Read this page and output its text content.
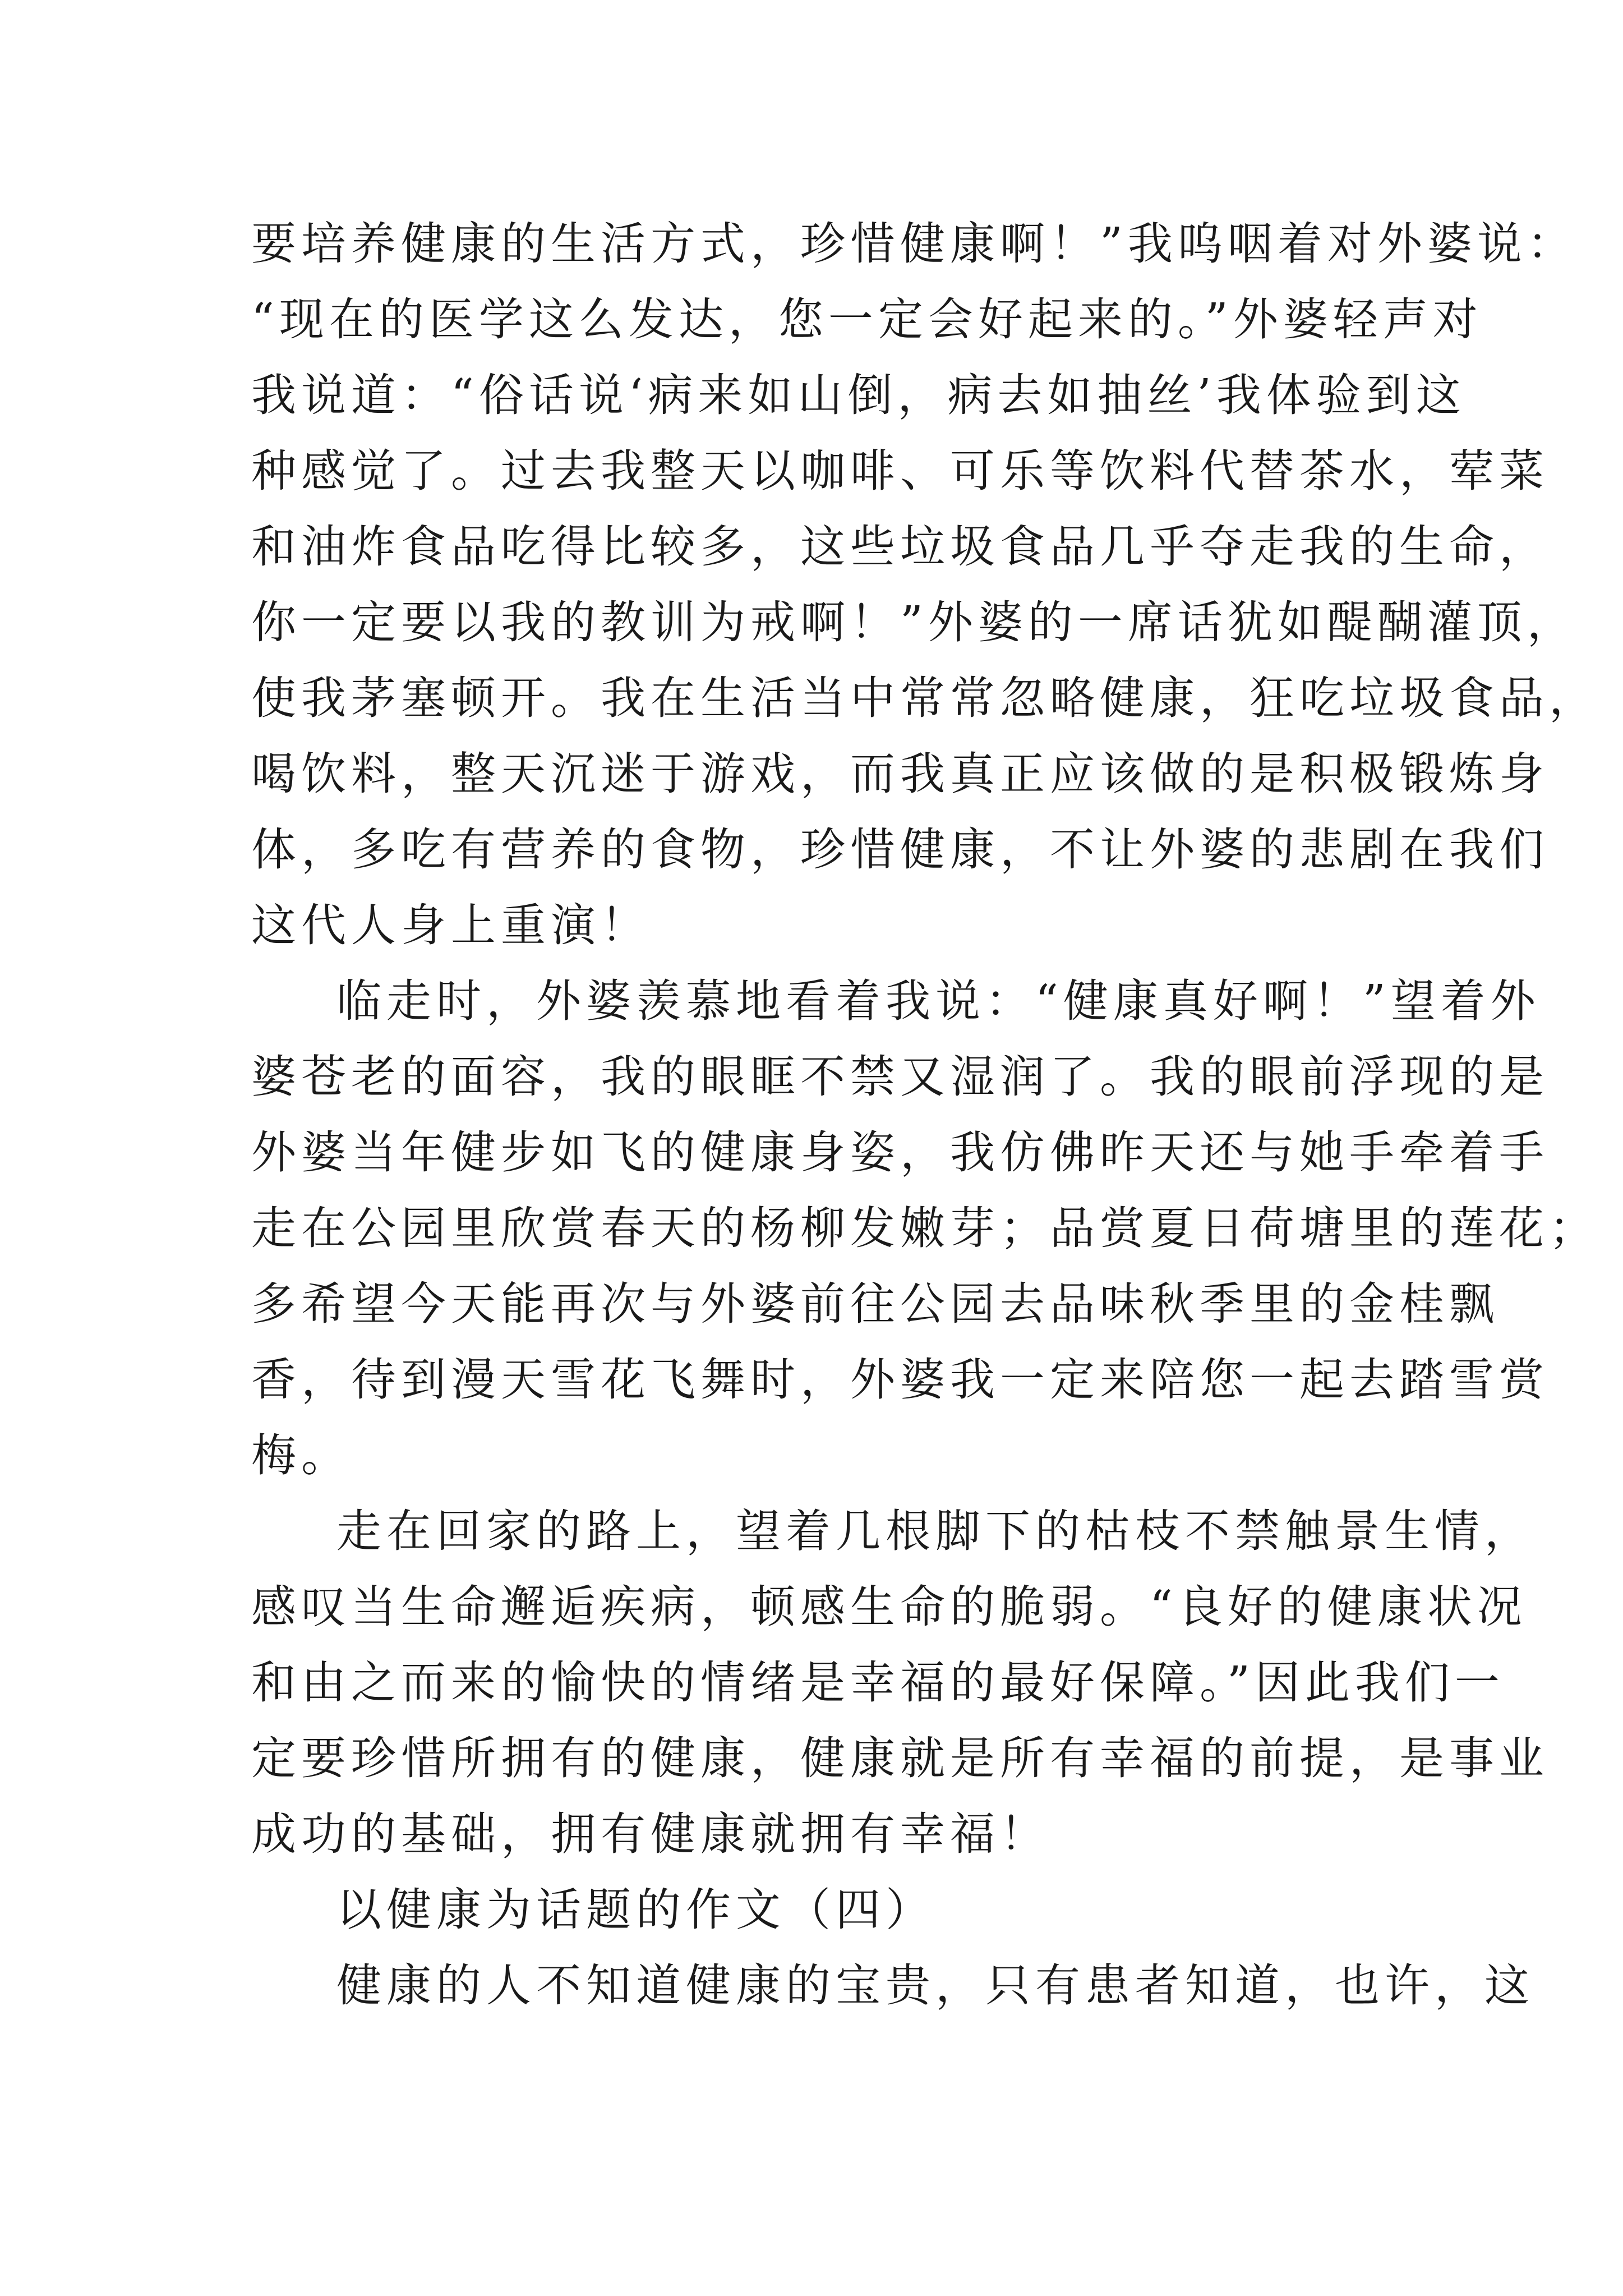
要培养健康的生活方式，珍惜健康啊！”我呜咽着对外婆说：
“现在的医学这么发达，您一定会好起来的。”外婆轻声对
我说道：“俗话说‘病来如山倒，病去如抽丝’我体验到这
种感觉了。过去我整天以咖啡、可乐等饮料代替茶水，荤菜
和油炸食品吃得比较多，这些垃圾食品几乎夺走我的生命，
你一定要以我的教训为戒啊！”外婆的一席话犹如醍醐灌顶，
使我茅塞顿开。我在生活当中常常忽略健康，狂吃垃圾食品，
喝饮料，整天沉迷于游戏，而我真正应该做的是积极锻炼身
体，多吃有营养的食物，珍惜健康，不让外婆的悲剧在我们
这代人身上重演！
临走时，外婆羡慕地看着我说：“健康真好啊！”望着外
婆苍老的面容，我的眼眶不禁又湿润了。我的眼前浮现的是
外婆当年健步如飞的健康身姿，我仿佛昨天还与她手牵着手
走在公园里欣赏春天的杨柳发嫩芽；品赏夏日荷塘里的莲花；
多希望今天能再次与外婆前往公园去品味秋季里的金桂飘
香，待到漫天雪花飞舞时，外婆我一定来陪您一起去踏雪赏
梅。
走在回家的路上，望着几根脚下的枯枝不禁触景生情，
感叹当生命邂逅疾病，顿感生命的脆弱。“良好的健康状况
和由之而来的愉快的情绪是幸福的最好保障。”因此我们一
定要珍惜所拥有的健康，健康就是所有幸福的前提，是事业
成功的基础，拥有健康就拥有幸福！
以健康为话题的作文（四）
健康的人不知道健康的宝贵，只有患者知道，也许，这
